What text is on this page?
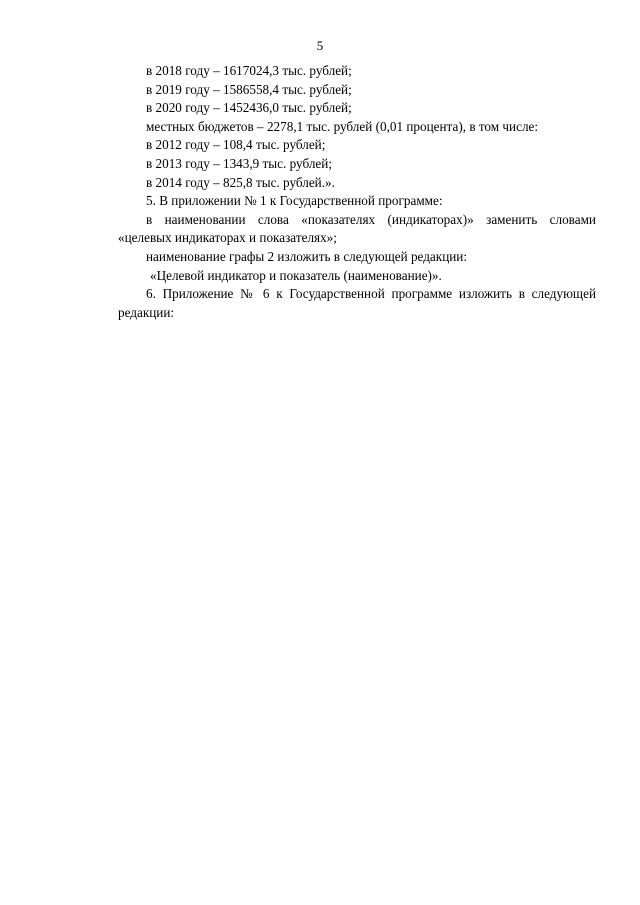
5
в 2018 году – 1617024,3 тыс. рублей;
в 2019 году – 1586558,4 тыс. рублей;
в 2020 году – 1452436,0 тыс. рублей;
местных бюджетов – 2278,1 тыс. рублей (0,01 процента), в том числе:
в 2012 году – 108,4 тыс. рублей;
в 2013 году – 1343,9 тыс. рублей;
в 2014 году – 825,8 тыс. рублей.».
5. В приложении № 1 к Государственной программе:
в наименовании слова «показателях (индикаторах)» заменить словами
«целевых индикаторах и показателях»;
наименование графы 2 изложить в следующей редакции:
«Целевой индикатор и показатель (наименование)».
6. Приложение № 6 к Государственной программе изложить в следующей
редакции:
